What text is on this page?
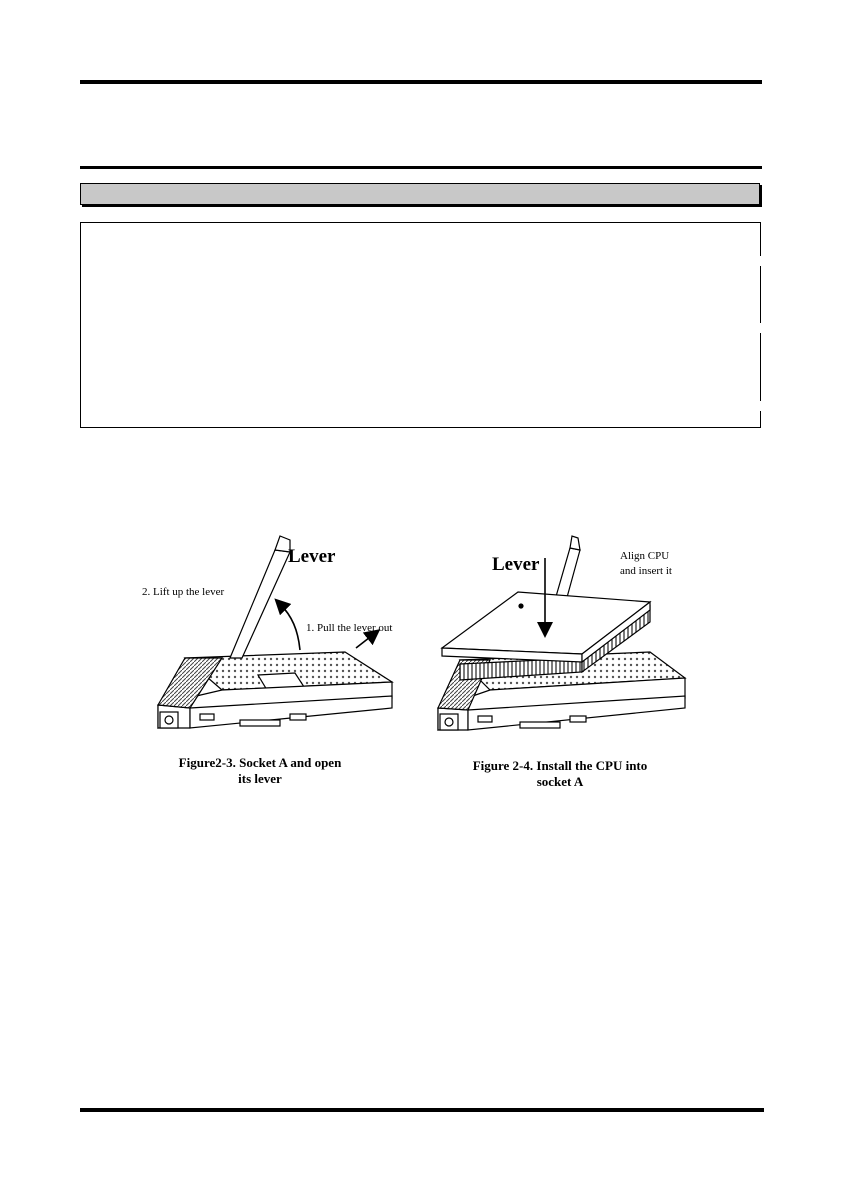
Lever
2. Lift up the lever
1. Pull the lever out
Lever	Align CPU
and insert it
Figure2-3. Socket A and open
its lever
Figure 2-4. Install the CPU into
socket A
